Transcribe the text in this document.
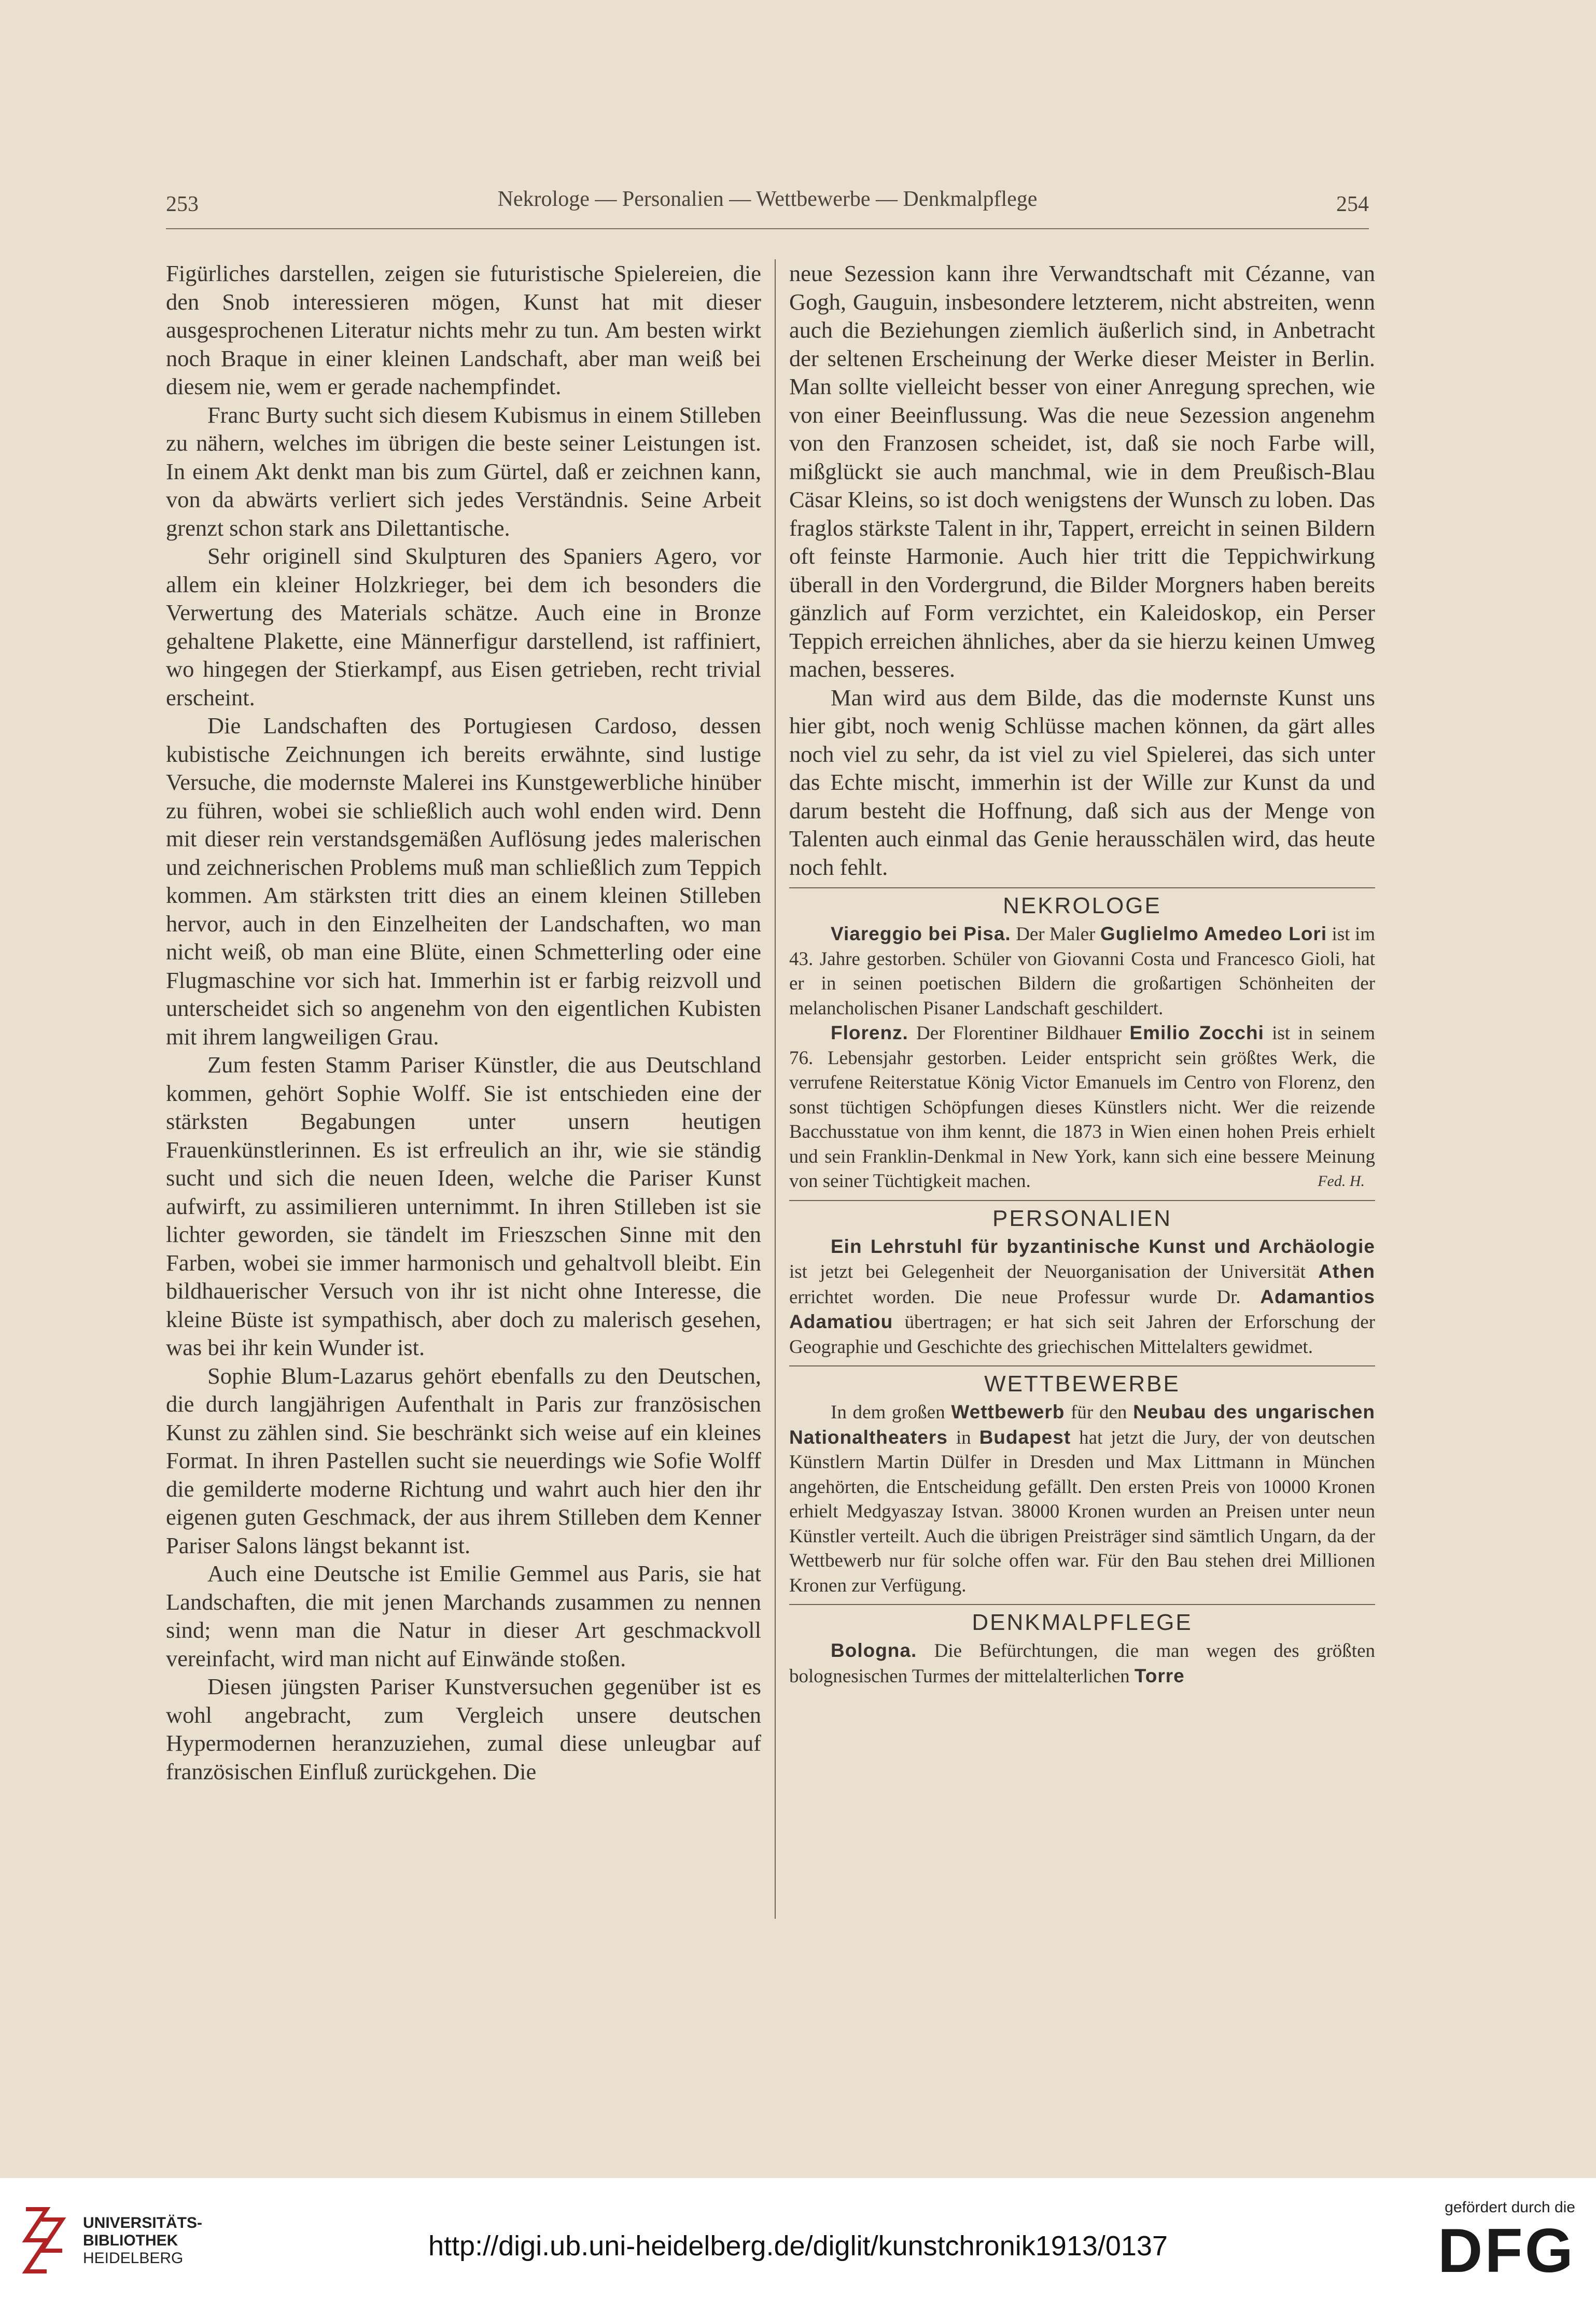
253	Nekrologe — Personalien — Wettbewerbe — Denkmalpflege	254

Figürliches darstellen, zeigen sie futuristische Spielereien, die den Snob interessieren mögen, Kunst hat mit dieser ausgesprochenen Literatur nichts mehr zu tun. Am besten wirkt noch Braque in einer kleinen Landschaft, aber man weiß bei diesem nie, wem er gerade nachempfindet.

Franc Burty sucht sich diesem Kubismus in einem Stilleben zu nähern, welches im übrigen die beste seiner Leistungen ist. In einem Akt denkt man bis zum Gürtel, daß er zeichnen kann, von da abwärts verliert sich jedes Verständnis. Seine Arbeit grenzt schon stark ans Dilettantische.

Sehr originell sind Skulpturen des Spaniers Agero, vor allem ein kleiner Holzkrieger, bei dem ich besonders die Verwertung des Materials schätze. Auch eine in Bronze gehaltene Plakette, eine Männerfigur darstellend, ist raffiniert, wo hingegen der Stierkampf, aus Eisen getrieben, recht trivial erscheint.

Die Landschaften des Portugiesen Cardoso, dessen kubistische Zeichnungen ich bereits erwähnte, sind lustige Versuche, die modernste Malerei ins Kunstgewerbliche hinüber zu führen, wobei sie schließlich auch wohl enden wird. Denn mit dieser rein verstandsgemäßen Auflösung jedes malerischen und zeichnerischen Problems muß man schließlich zum Teppich kommen. Am stärksten tritt dies an einem kleinen Stilleben hervor, auch in den Einzelheiten der Landschaften, wo man nicht weiß, ob man eine Blüte, einen Schmetterling oder eine Flugmaschine vor sich hat. Immerhin ist er farbig reizvoll und unterscheidet sich so angenehm von den eigentlichen Kubisten mit ihrem langweiligen Grau.

Zum festen Stamm Pariser Künstler, die aus Deutschland kommen, gehört Sophie Wolff. Sie ist entschieden eine der stärksten Begabungen unter unsern heutigen Frauenkünstlerinnen. Es ist erfreulich an ihr, wie sie ständig sucht und sich die neuen Ideen, welche die Pariser Kunst aufwirft, zu assimilieren unternimmt. In ihren Stilleben ist sie lichter geworden, sie tändelt im Frieszschen Sinne mit den Farben, wobei sie immer harmonisch und gehaltvoll bleibt. Ein bildhauerischer Versuch von ihr ist nicht ohne Interesse, die kleine Büste ist sympathisch, aber doch zu malerisch gesehen, was bei ihr kein Wunder ist.

Sophie Blum-Lazarus gehört ebenfalls zu den Deutschen, die durch langjährigen Aufenthalt in Paris zur französischen Kunst zu zählen sind. Sie beschränkt sich weise auf ein kleines Format. In ihren Pastellen sucht sie neuerdings wie Sofie Wolff die gemilderte moderne Richtung und wahrt auch hier den ihr eigenen guten Geschmack, der aus ihrem Stilleben dem Kenner Pariser Salons längst bekannt ist.

Auch eine Deutsche ist Emilie Gemmel aus Paris, sie hat Landschaften, die mit jenen Marchands zusammen zu nennen sind; wenn man die Natur in dieser Art geschmackvoll vereinfacht, wird man nicht auf Einwände stoßen.

Diesen jüngsten Pariser Kunstversuchen gegenüber ist es wohl angebracht, zum Vergleich unsere deutschen Hypermodernen heranzuziehen, zumal diese unleugbar auf französischen Einfluß zurückgehen. Die

neue Sezession kann ihre Verwandtschaft mit Cézanne, van Gogh, Gauguin, insbesondere letzterem, nicht abstreiten, wenn auch die Beziehungen ziemlich äußerlich sind, in Anbetracht der seltenen Erscheinung der Werke dieser Meister in Berlin. Man sollte vielleicht besser von einer Anregung sprechen, wie von einer Beeinflussung. Was die neue Sezession angenehm von den Franzosen scheidet, ist, daß sie noch Farbe will, mißglückt sie auch manchmal, wie in dem Preußisch-Blau Cäsar Kleins, so ist doch wenigstens der Wunsch zu loben. Das fraglos stärkste Talent in ihr, Tappert, erreicht in seinen Bildern oft feinste Harmonie. Auch hier tritt die Teppichwirkung überall in den Vordergrund, die Bilder Morgners haben bereits gänzlich auf Form verzichtet, ein Kaleidoskop, ein Perser Teppich erreichen ähnliches, aber da sie hierzu keinen Umweg machen, besseres.

Man wird aus dem Bilde, das die modernste Kunst uns hier gibt, noch wenig Schlüsse machen können, da gärt alles noch viel zu sehr, da ist viel zu viel Spielerei, das sich unter das Echte mischt, immerhin ist der Wille zur Kunst da und darum besteht die Hoffnung, daß sich aus der Menge von Talenten auch einmal das Genie herausschälen wird, das heute noch fehlt.

NEKROLOGE

Viareggio bei Pisa. Der Maler Guglielmo Amedeo Lori ist im 43. Jahre gestorben. Schüler von Giovanni Costa und Francesco Gioli, hat er in seinen poetischen Bildern die großartigen Schönheiten der melancholischen Pisaner Landschaft geschildert.

Florenz. Der Florentiner Bildhauer Emilio Zocchi ist in seinem 76. Lebensjahr gestorben. Leider entspricht sein größtes Werk, die verrufene Reiterstatue König Victor Emanuels im Centro von Florenz, den sonst tüchtigen Schöpfungen dieses Künstlers nicht. Wer die reizende Bacchusstatue von ihm kennt, die 1873 in Wien einen hohen Preis erhielt und sein Franklin-Denkmal in New York, kann sich eine bessere Meinung von seiner Tüchtigkeit machen.	Fed. H.

PERSONALIEN

Ein Lehrstuhl für byzantinische Kunst und Archäologie ist jetzt bei Gelegenheit der Neuorganisation der Universität Athen errichtet worden. Die neue Professur wurde Dr. Adamantios Adamatiou übertragen; er hat sich seit Jahren der Erforschung der Geographie und Geschichte des griechischen Mittelalters gewidmet.

WETTBEWERBE

In dem großen Wettbewerb für den Neubau des ungarischen Nationaltheaters in Budapest hat jetzt die Jury, der von deutschen Künstlern Martin Dülfer in Dresden und Max Littmann in München angehörten, die Entscheidung gefällt. Den ersten Preis von 10000 Kronen erhielt Medgyaszay Istvan. 38000 Kronen wurden an Preisen unter neun Künstler verteilt. Auch die übrigen Preisträger sind sämtlich Ungarn, da der Wettbewerb nur für solche offen war. Für den Bau stehen drei Millionen Kronen zur Verfügung.

DENKMALPFLEGE

Bologna. Die Befürchtungen, die man wegen des größten bolognesischen Turmes der mittelalterlichen Torre

UNIVERSITÄTS-
BIBLIOTHEK
HEIDELBERG	http://digi.ub.uni-heidelberg.de/diglit/kunstchronik1913/0137
gefördert durch die
DFG
